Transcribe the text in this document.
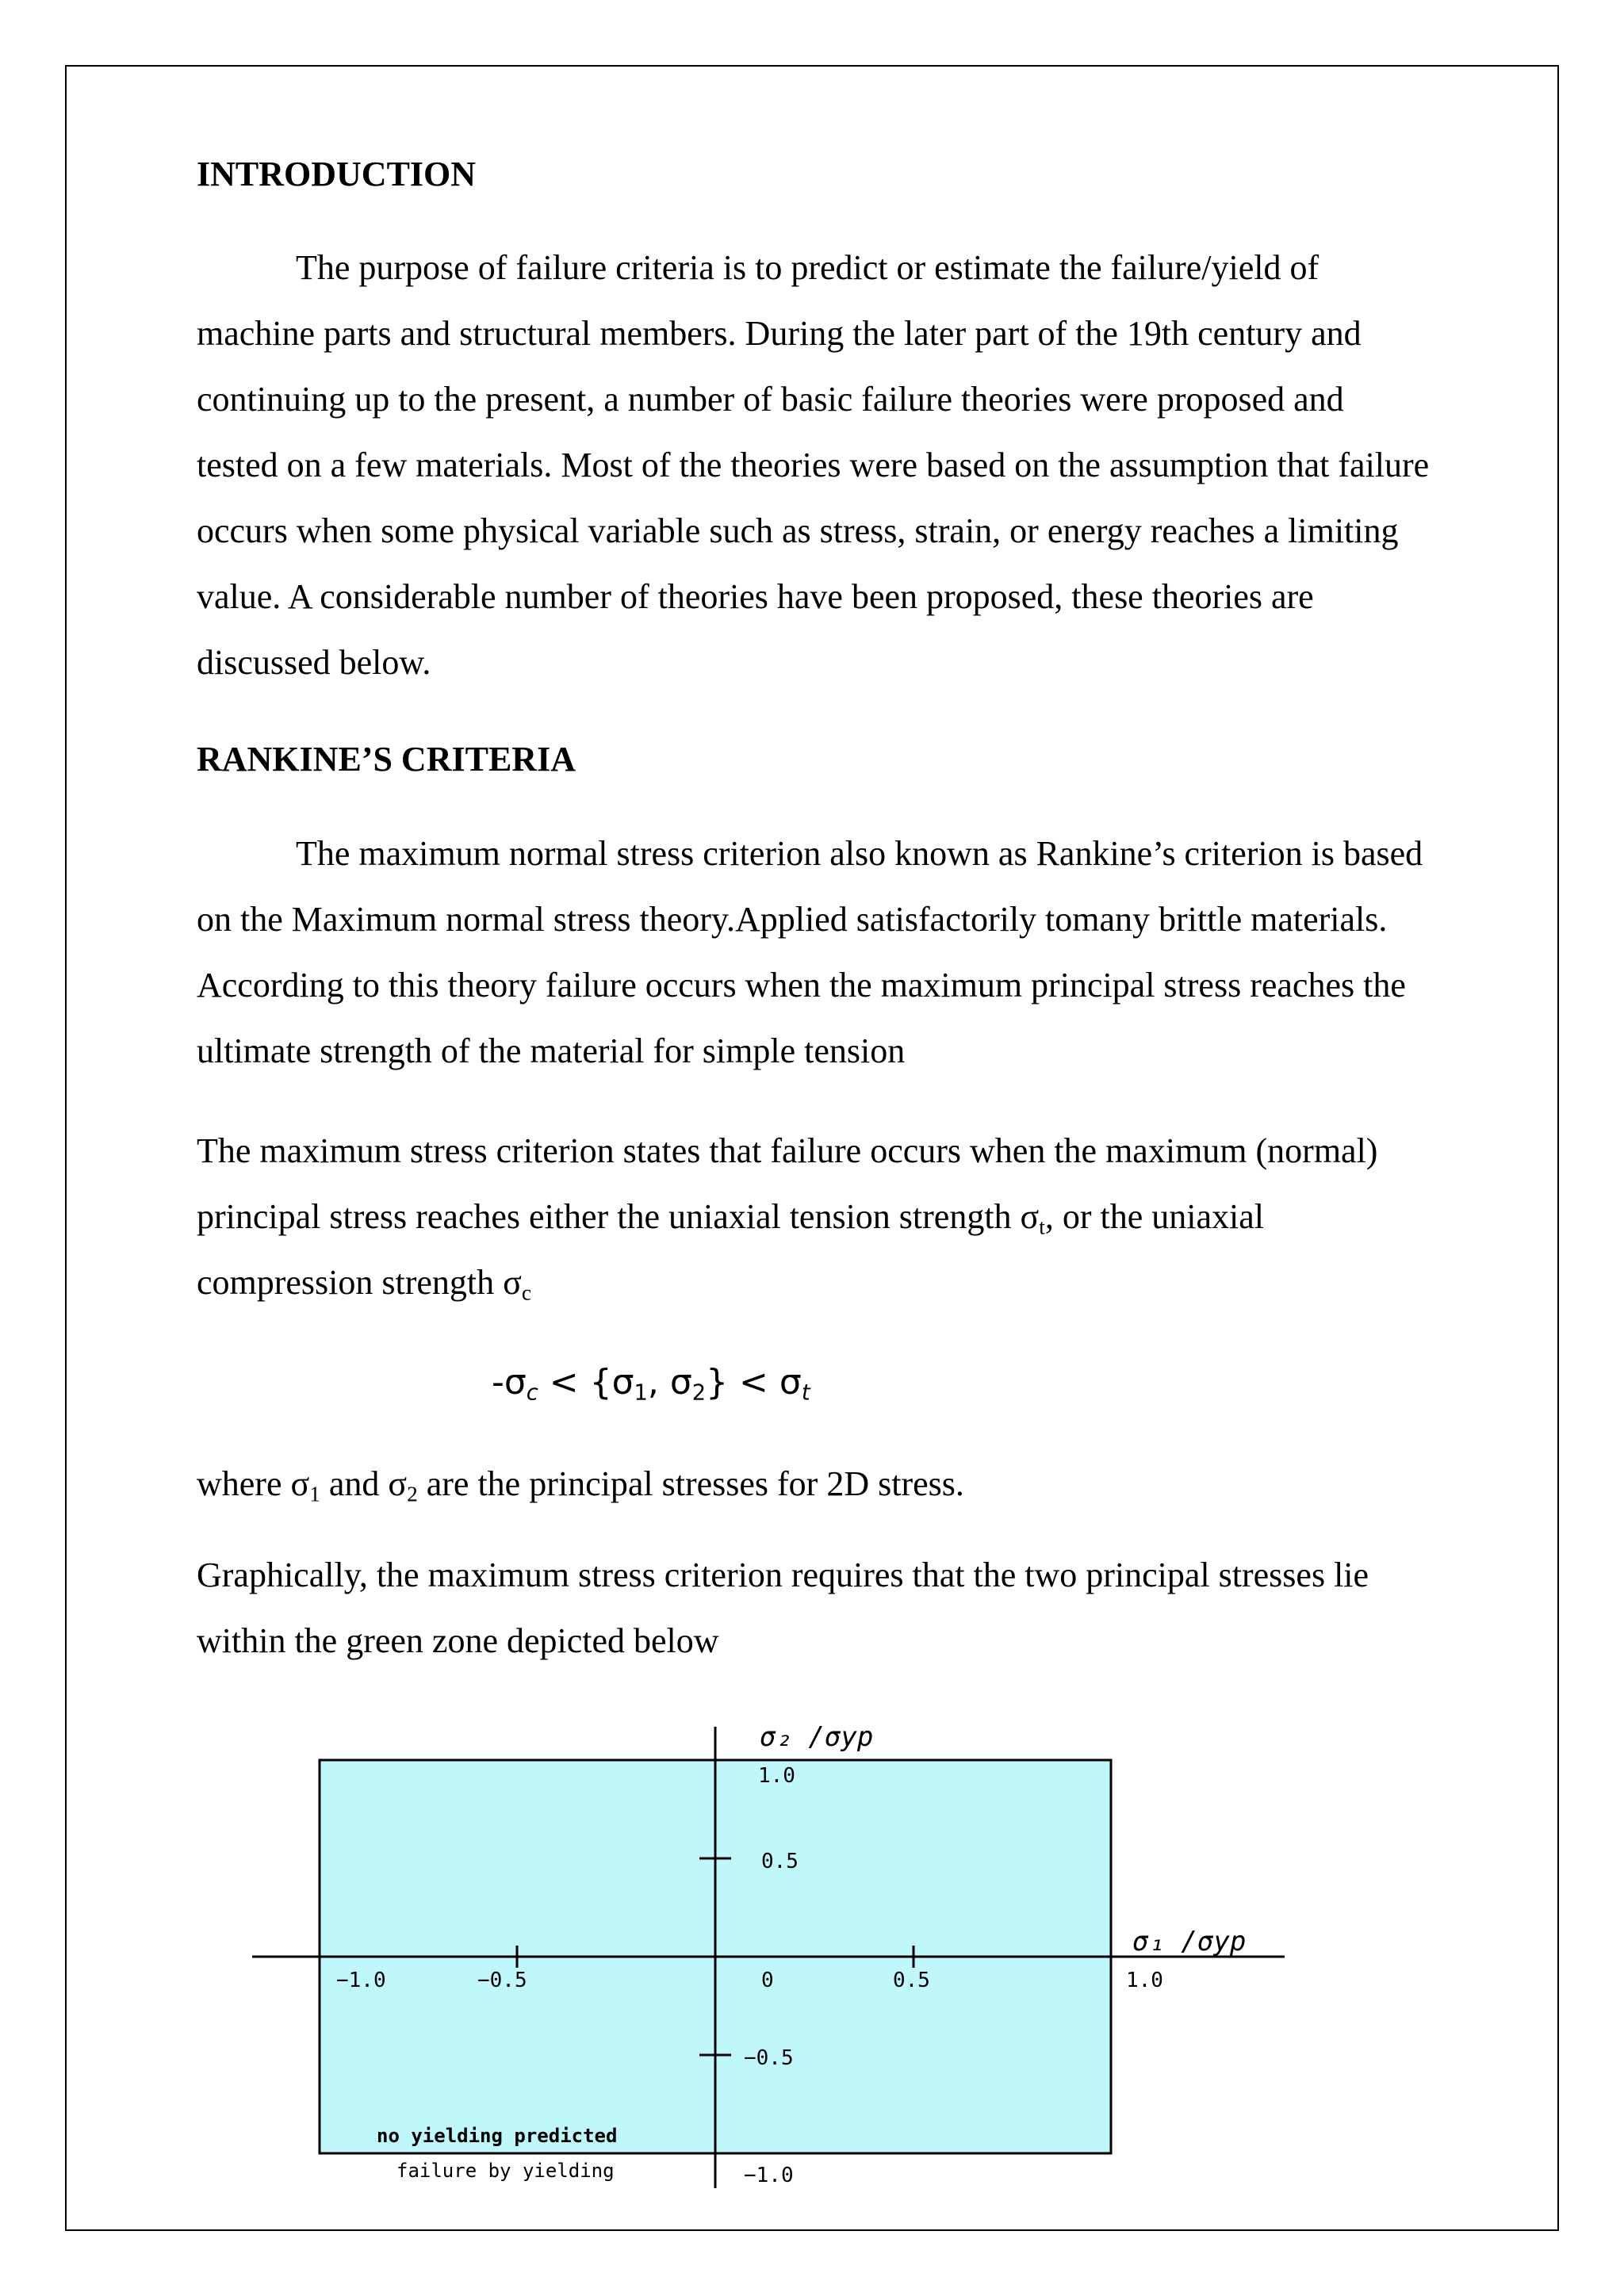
INTRODUCTION

The purpose of failure criteria is to predict or estimate the failure/yield of machine parts and structural members. During the later part of the 19th century and continuing up to the present, a number of basic failure theories were proposed and tested on a few materials. Most of the theories were based on the assumption that failure occurs when some physical variable such as stress, strain, or energy reaches a limiting value. A considerable number of theories have been proposed, these theories are discussed below.

RANKINE’S CRITERIA

The maximum normal stress criterion also known as Rankine’s criterion is based on the Maximum normal stress theory.Applied satisfactorily tomany brittle materials. According to this theory failure occurs when the maximum principal stress reaches the ultimate strength of the material for simple tension

The maximum stress criterion states that failure occurs when the maximum (normal) principal stress reaches either the uniaxial tension strength $\sigma_t$, or the uniaxial compression strength $\sigma_c$

-σc < {σ1, σ2} < σt

where $\sigma_1$ and $\sigma_2$ are the principal stresses for 2D stress.

Graphically, the maximum stress criterion requires that the two principal stresses lie within the green zone depicted below

σ₂ /σyp
σ₁ /σyp
−1.0	−0.5	0	0.5	1.0
1.0
0.5
−0.5
−1.0
no yielding predicted
failure by yielding
